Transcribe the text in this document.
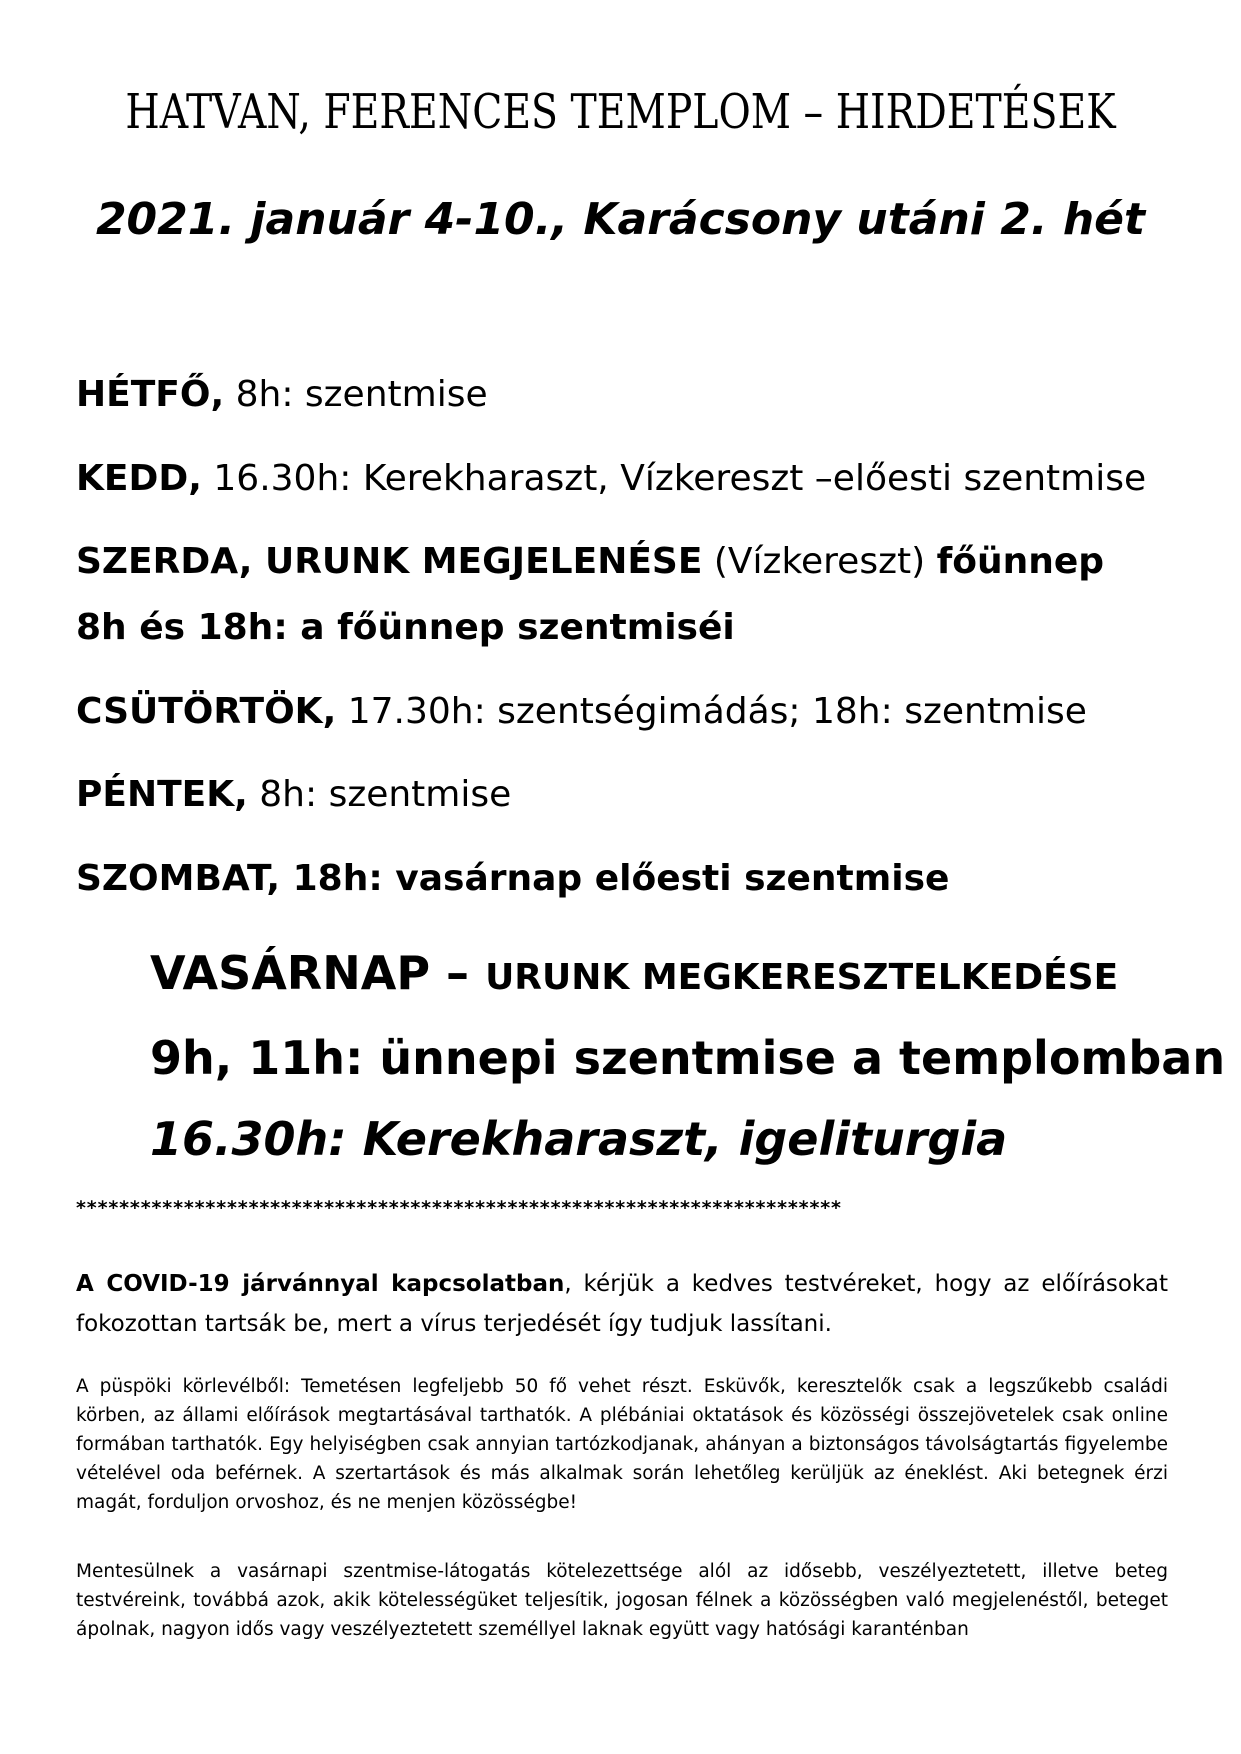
HATVAN, FERENCES TEMPLOM – HIRDETÉSEK
2021. január 4-10., Karácsony utáni 2. hét
HÉTFŐ, 8h: szentmise
KEDD, 16.30h: Kerekharaszt, Vízkereszt –előesti szentmise
SZERDA, URUNK MEGJELENÉSE (Vízkereszt) főünnep
8h és 18h: a főünnep szentmiséi
CSÜTÖRTÖK, 17.30h: szentségimádás; 18h: szentmise
PÉNTEK, 8h: szentmise
SZOMBAT, 18h: vasárnap előesti szentmise
VASÁRNAP – URUNK MEGKERESZTELKEDÉSE
9h, 11h: ünnepi szentmise a templomban
16.30h: Kerekharaszt, igeliturgia
***********************************************************************
A COVID-19 járvánnyal kapcsolatban, kérjük a kedves testvéreket, hogy az előírásokat fokozottan tartsák be, mert a vírus terjedését így tudjuk lassítani.
A püspöki körlevélből: Temetésen legfeljebb 50 fő vehet részt. Esküvők, keresztelők csak a legszűkebb családi körben, az állami előírások megtartásával tarthatók. A plébániai oktatások és közösségi összejövetelek csak online formában tarthatók. Egy helyiségben csak annyian tartózkodjanak, ahányan a biztonságos távolságtartás figyelembe vételével oda beférnek. A szertartások és más alkalmak során lehetőleg kerüljük az éneklést. Aki betegnek érzi magát, forduljon orvoshoz, és ne menjen közösségbe!
Mentesülnek a vasárnapi szentmise-látogatás kötelezettsége alól az idősebb, veszélyeztetett, illetve beteg testvéreink, továbbá azok, akik kötelességüket teljesítik, jogosan félnek a közösségben való megjelenéstől, beteget ápolnak, nagyon idős vagy veszélyeztetett személlyel laknak együtt vagy hatósági karanténban
